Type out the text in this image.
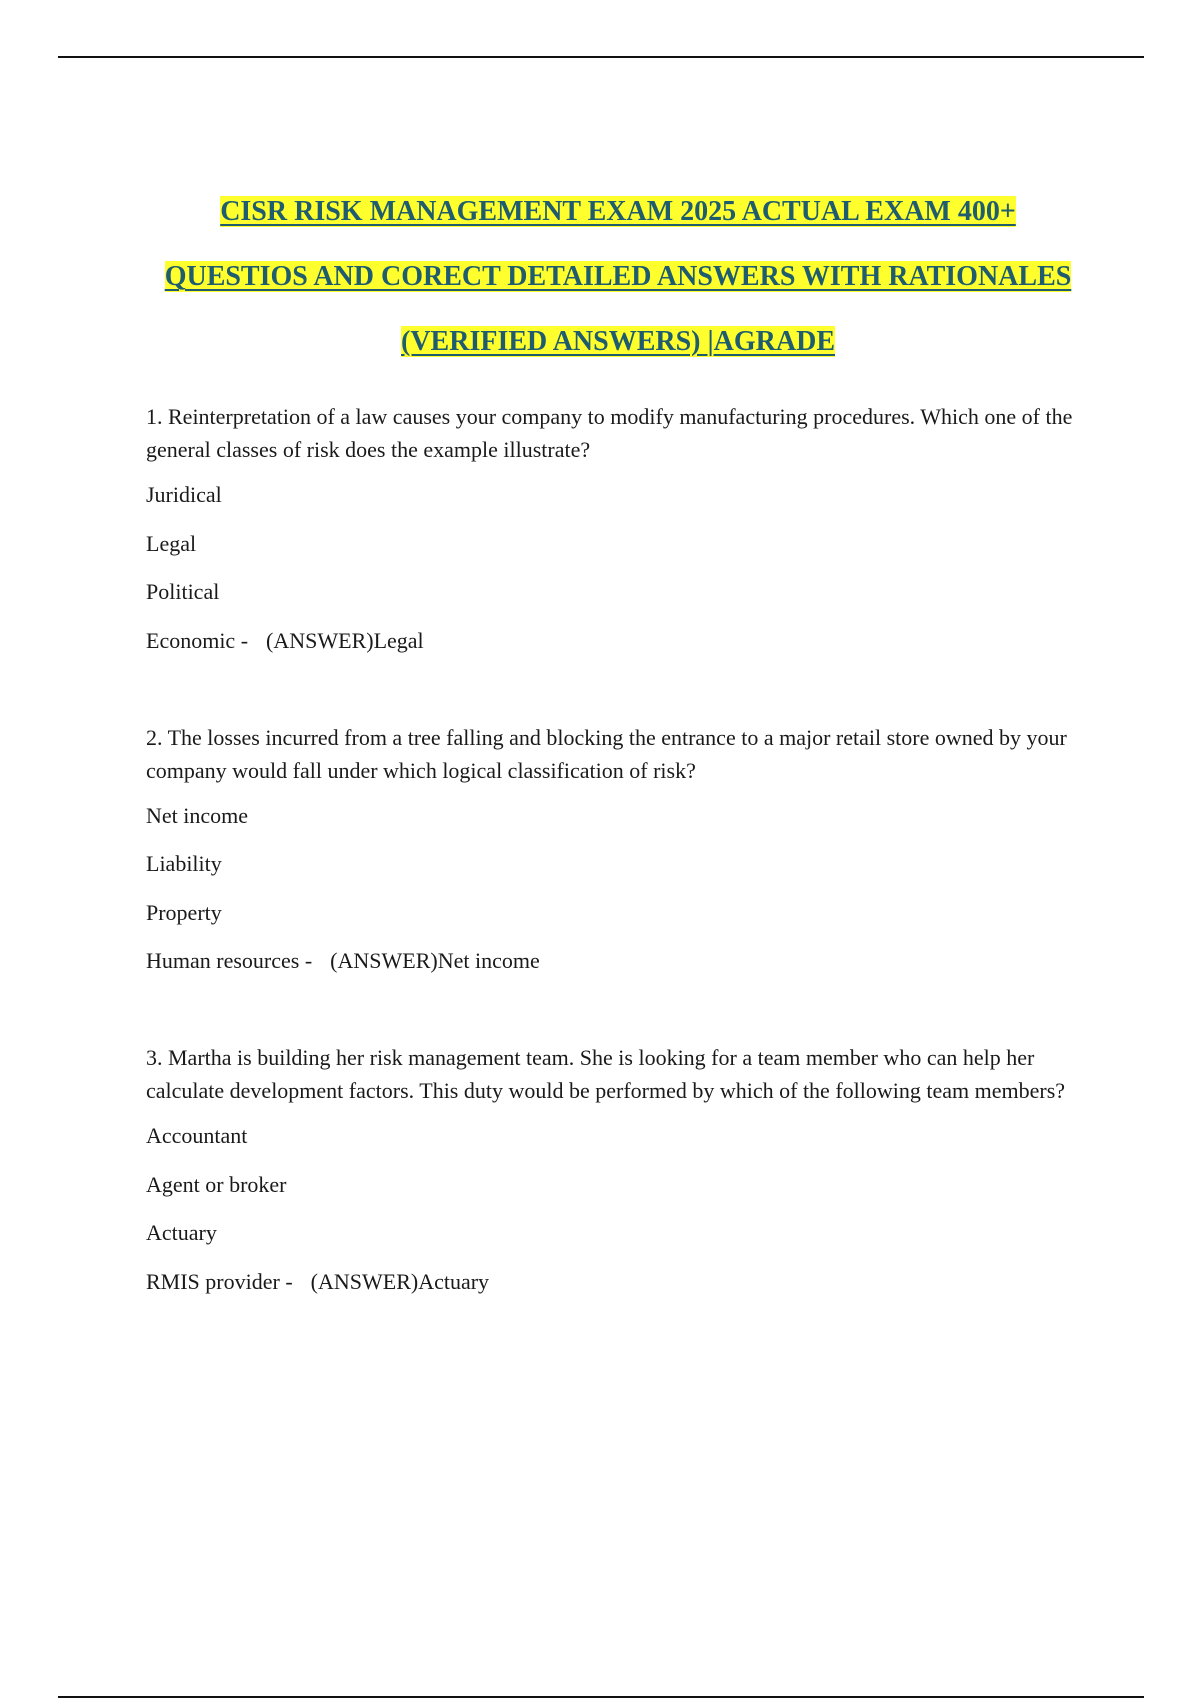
CISR RISK MANAGEMENT EXAM 2025 ACTUAL EXAM 400+
QUESTIOS AND CORECT DETAILED ANSWERS WITH RATIONALES
(VERIFIED ANSWERS) |AGRADE

1. Reinterpretation of a law causes your company to modify manufacturing procedures. Which one of the general classes of risk does the example illustrate?

Juridical

Legal

Political

Economic - (ANSWER)Legal

2. The losses incurred from a tree falling and blocking the entrance to a major retail store owned by your company would fall under which logical classification of risk?

Net income

Liability

Property

Human resources - (ANSWER)Net income

3. Martha is building her risk management team. She is looking for a team member who can help her calculate development factors. This duty would be performed by which of the following team members?

Accountant

Agent or broker

Actuary

RMIS provider - (ANSWER)Actuary
